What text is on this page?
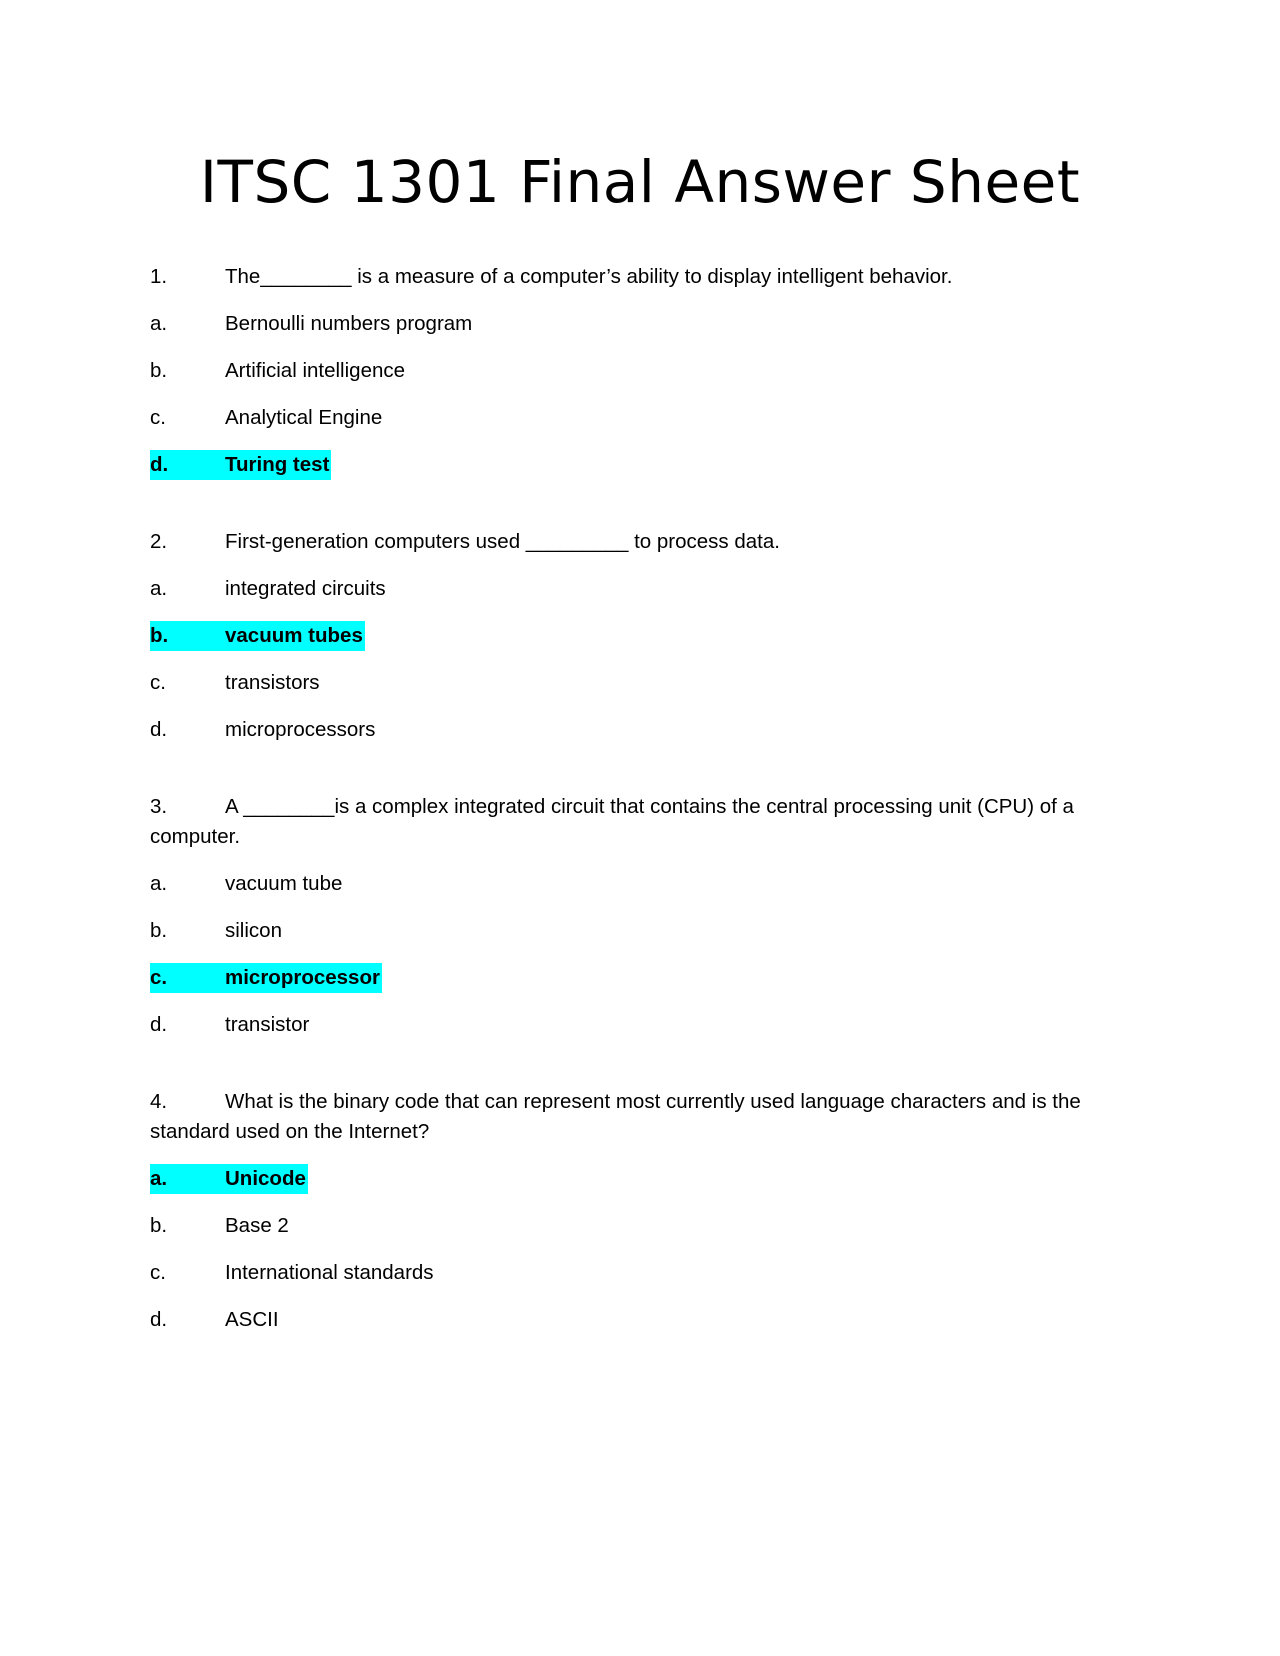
ITSC 1301 Final Answer Sheet

1.	The________ is a measure of a computer’s ability to display intelligent behavior.

a.	Bernoulli numbers program
b.	Artificial intelligence
c.	Analytical Engine
d.	Turing test

2.	First-generation computers used _________ to process data.

a.	integrated circuits
b.	vacuum tubes
c.	transistors
d.	microprocessors

3.	A ________is a complex integrated circuit that contains the central processing unit (CPU) of a

computer.

a.	vacuum tube
b.	silicon
c.	microprocessor
d.	transistor

4.	What is the binary code that can represent most currently used language characters and is the

standard used on the Internet?

a.	Unicode
b.	Base 2
c.	International standards
d.	ASCII
